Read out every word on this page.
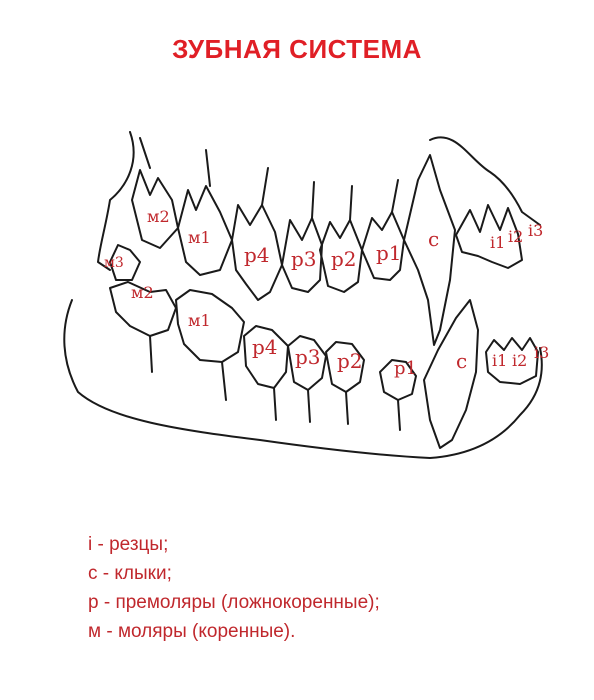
ЗУБНАЯ СИСТЕМА
м2
м1
м3	р4 р3 р2 р1
с	i1 i2 i3
м2
м1
р4 р3 р2 р1 с i1 i2 i3
i - резцы;
с - клыки;
р - премоляры (ложнокоренные);
м - моляры (коренные).
